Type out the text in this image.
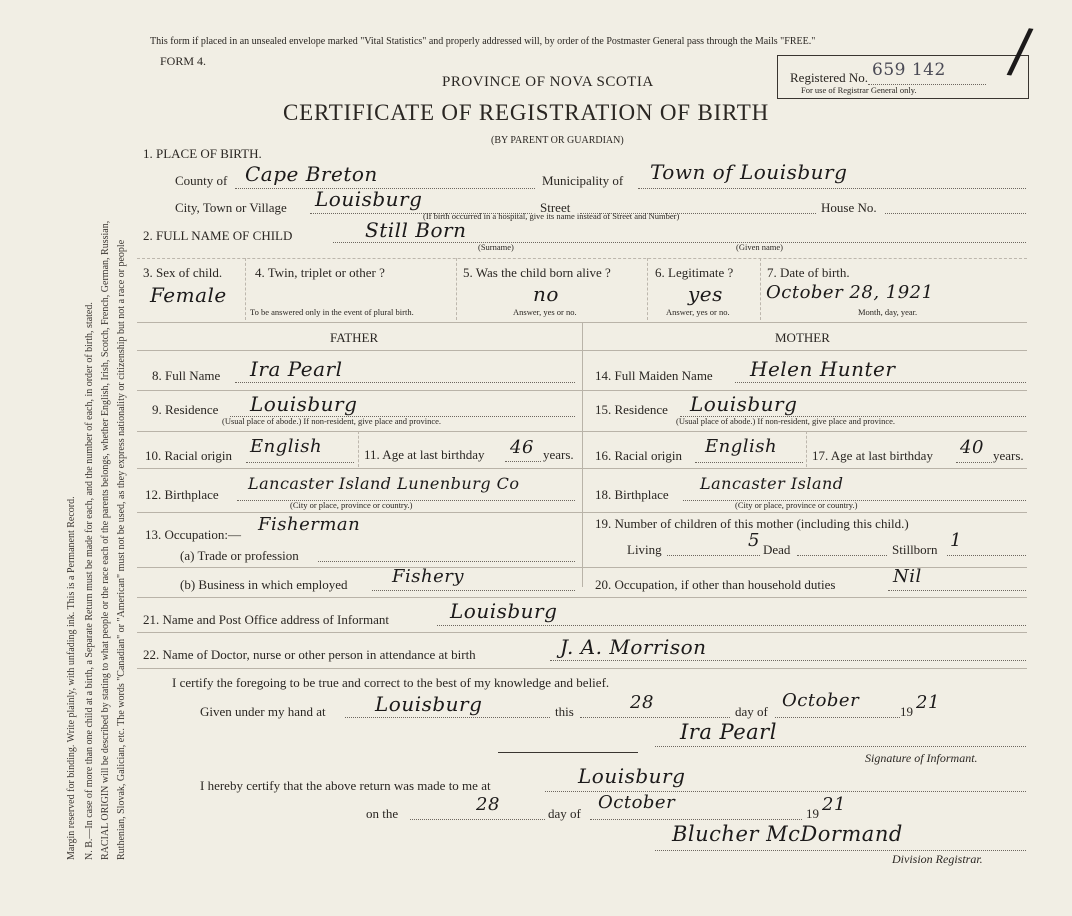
Margin reserved for binding. Write plainly, with unfading ink. This is a Permanent Record. N. B.—In case of more than one child at a birth, a Separate Return must be made for each, and the number of each, in order of birth, stated. RACIAL ORIGIN will be described by stating to what people or the race each of the parents belongs, whether English, Irish, Scotch, French, German, Russian, Ruthenian, Slovak, Galician, etc. The words "Canadian" or "American" must not be used, as they express nationality or citizenship but not a race or people
This form if placed in an unsealed envelope marked "Vital Statistics" and properly addressed will, by order of the Postmaster General pass through the Mails "FREE."
FORM 4.
PROVINCE OF NOVA SCOTIA
CERTIFICATE OF REGISTRATION OF BIRTH
(BY PARENT OR GUARDIAN)
Registered No. 659 142
For use of Registrar General only.
/
1. PLACE OF BIRTH.
County of Cape Breton	Municipality of Town of Louisburg
City, Town or Village Louisburg	Street	House No.
(If birth occurred in a hospital, give its name instead of Street and Number)
2. FULL NAME OF CHILD	Still Born
(Surname)	(Given name)
3. Sex of child.
Female
4. Twin, triplet or other ?
To be answered only in the event of plural birth.
5. Was the child born alive ?
no
Answer, yes or no.
6. Legitimate ?
yes
Answer, yes or no.
7. Date of birth.
October 28, 1921
Month, day, year.
FATHER	MOTHER
8. Full Name Ira Pearl
9. Residence Louisburg
(Usual place of abode.) If non-resident, give place and province.
10. Racial origin English	11. Age at last birthday 46 years.
12. Birthplace
Lancaster Island Lunenburg Co
(City or place, province or country.)
13. Occupation:— Fisherman
(a) Trade or profession
(b) Business in which employed Fishery
14. Full Maiden Name Helen Hunter
15. Residence Louisburg
(Usual place of abode.) If non-resident, give place and province.
16. Racial origin English	17. Age at last birthday 40 years.
18. Birthplace
Lancaster Island
(City or place, province or country.)
19. Number of children of this mother (including this child.)
Living	5 Dead	Stillborn 1
20. Occupation, if other than household duties	Nil
21. Name and Post Office address of Informant	Louisburg
22. Name of Doctor, nurse or other person in attendance at birth	J. A. Morrison
I certify the foregoing to be true and correct to the best of my knowledge and belief.
Given under my hand at Louisburg	this	28	day of
October
19 21
Ira Pearl
Signature of Informant.
I hereby certify that the above return was made to me at	Louisburg
on the	28	day of
October
19 21
Blucher McDormand
Division Registrar.
